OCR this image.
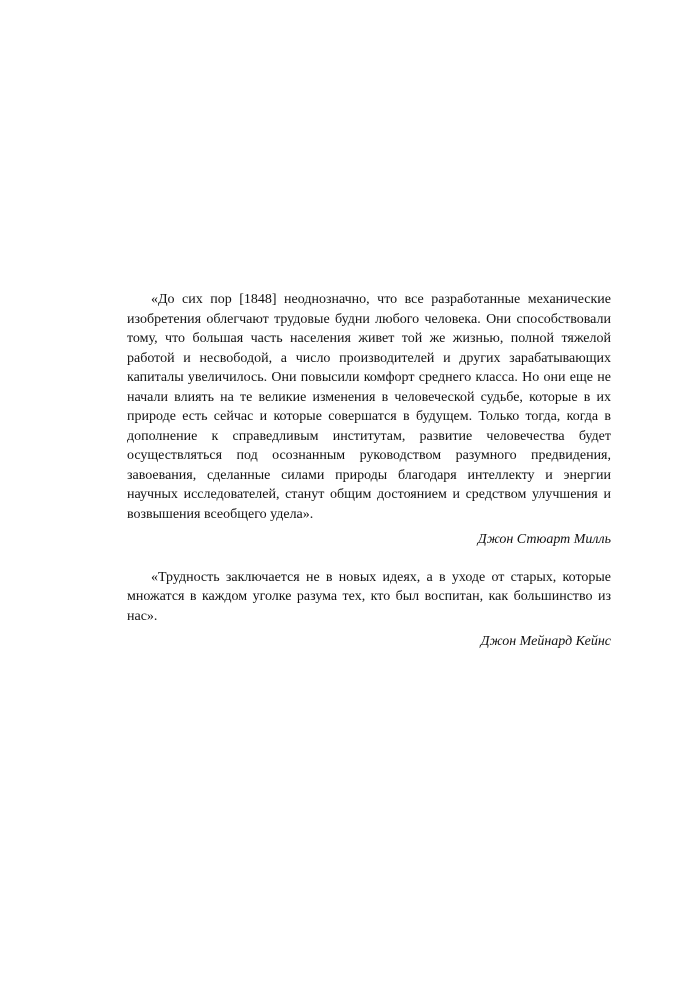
«До сих пор [1848] неоднозначно, что все разработанные механические изобретения облегчают трудовые будни любого человека. Они способствовали тому, что большая часть населения живет той же жизнью, полной тяжелой работой и несвободой, а число производителей и других зарабатывающих капиталы увеличилось. Они повысили комфорт среднего класса. Но они еще не начали влиять на те великие изменения в человеческой судьбе, которые в их природе есть сейчас и которые совершатся в будущем. Только тогда, когда в дополнение к справедливым институтам, развитие человечества будет осуществляться под осознанным руководством разумного предвидения, завоевания, сделанные силами природы благодаря интеллекту и энергии научных исследователей, станут общим достоянием и средством улучшения и возвышения всеобщего удела».

Джон Стюарт Милль

«Трудность заключается не в новых идеях, а в уходе от старых, которые множатся в каждом уголке разума тех, кто был воспитан, как большинство из нас».

Джон Мейнард Кейнс
